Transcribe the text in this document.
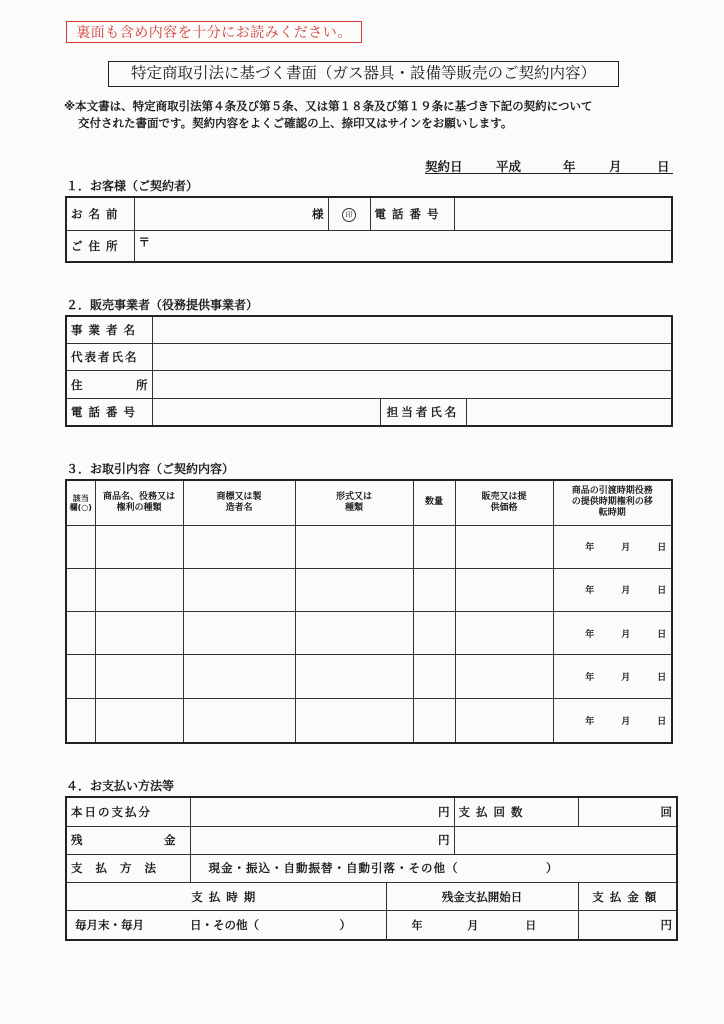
裏面も含め内容を十分にお読みください。
特定商取引法に基づく書面（ガス器具・設備等販売のご契約内容）
※本文書は、特定商取引法第４条及び第５条、又は第１８条及び第１９条に基づき下記の契約について
交付された書面です。契約内容をよくご確認の上、捺印又はサインをお願いします。
契約日	平成	年	月	日
１．お客様（ご契約者）
お名前	様	印	電話番号	
ご住所	〒			
２．販売事業者（役務提供事業者）
事業者名			
代表者氏名			
住 所			

電話番号		担当者氏名	
３．お取引内容（ご契約内容）
該当欄(○)	商品名、役務又は権利の種類	商標又は製造者名	形式又は種類	数量	販売又は提供価格	商品の引渡時期役務の提供時期権利の移転時期
						年 月 日
						年 月 日
						年 月 日
						年 月 日
						年 月 日
４．お支払い方法等
本日の支払分	円		支払回数	回
残 金	円			
支払方法	現金・振込・自動振替・自動引落・その他（　　　　　　　）			
支払時期		残金支払開始日		支払金額
毎月末・毎月　　　　日・その他（　　　　　　　）		年 月 日		円
